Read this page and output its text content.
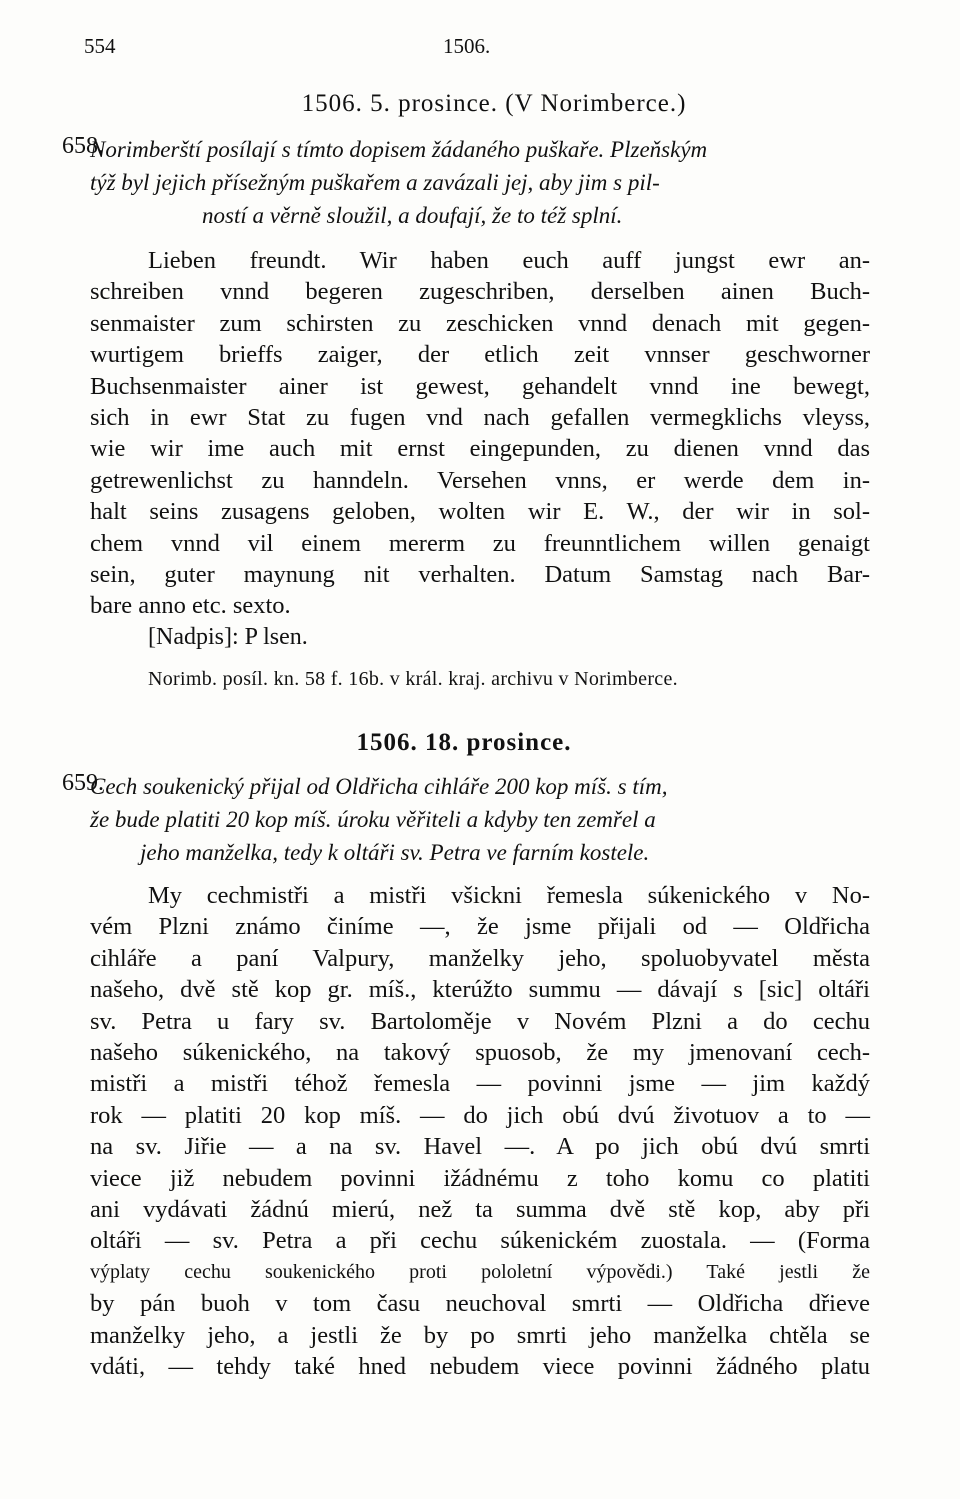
554	1506.
1506. 5. prosince. (V Norimberce.)
658.
Norimberští posílají s tímto dopisem žádaného puškaře. Plzeňským
týž byl jejich přísežným puškařem a zavázali jej, aby jim s pil-
ností a věrně sloužil, a doufají, že to též splní.
Lieben freundt. Wir haben euch auff jungst ewr an-
schreiben vnnd begeren zugeschriben, derselben ainen Buch-
senmaister zum schirsten zu zeschicken vnnd denach mit gegen-
wurtigem brieffs zaiger, der etlich zeit vnnser geschworner
Buchsenmaister ainer ist gewest, gehandelt vnnd ine bewegt,
sich in ewr Stat zu fugen vnd nach gefallen vermegklichs vleyss,
wie wir ime auch mit ernst eingepunden, zu dienen vnnd das
getrewenlichst zu hanndeln. Versehen vnns, er werde dem in-
halt seins zusagens geloben, wolten wir E. W., der wir in sol-
chem vnnd vil einem mererm zu freunntlichem willen genaigt
sein, guter maynung nit verhalten. Datum Samstag nach Bar-
bare anno etc. sexto.
[Nadpis]: P lsen.
Norimb. posíl. kn. 58 f. 16b. v král. kraj. archivu v Norimberce.
1506. 18. prosince.
659.
Cech soukenický přijal od Oldřicha cihláře 200 kop míš. s tím,
že bude platiti 20 kop míš. úroku věřiteli a kdyby ten zemřel a
jeho manželka, tedy k oltáři sv. Petra ve farním kostele.
My cechmistři a mistři všickni řemesla súkenického v No-
vém Plzni známo činíme —, že jsme přijali od — Oldřicha
cihláře a paní Valpury, manželky jeho, spoluobyvatel města
našeho, dvě stě kop gr. míš., kterúžto summu — dávají s [sic] oltáři
sv. Petra u fary sv. Bartoloměje v Novém Plzni a do cechu
našeho súkenického, na takový spuosob, že my jmenovaní cech-
mistři a mistři téhož řemesla — povinni jsme — jim každý
rok — platiti 20 kop míš. — do jich obú dvú životuov a to —
na sv. Jiřie — a na sv. Havel —. A po jich obú dvú smrti
viece již nebudem povinni ižádnému z toho komu co platiti
ani vydávati žádnú mierú, než ta summa dvě stě kop, aby při
oltáři — sv. Petra a při cechu súkenickém zuostala. — (Forma
výplaty cechu soukenického proti pololetní výpovědi.) Také jestli že
by pán buoh v tom času neuchoval smrti — Oldřicha dřieve
manželky jeho, a jestli že by po smrti jeho manželka chtěla se
vdáti, — tehdy také hned nebudem viece povinni žádného platu
